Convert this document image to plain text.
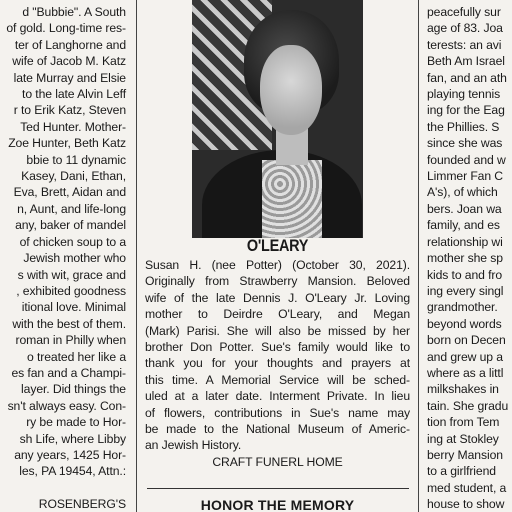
d "Bubbie". A South
of gold. Long-time res-
ter of Langhorne and
wife of Jacob M. Katz
late Murray and Elsie
to the late Alvin Leff
r to Erik Katz, Steven
Ted Hunter. Mother-
Zoe Hunter, Beth Katz
bbie to 11 dynamic
Kasey, Dani, Ethan,
Eva, Brett, Aidan and
n, Aunt, and life-long
any, baker of mandel
of chicken soup to a
Jewish mother who
s with wit, grace and
, exhibited goodness
itional love. Minimal
with the best of them.
roman in Philly when
o treated her like a
es fan and a Champi-
layer. Did things the
sn't always easy. Con-
ry be made to Hor-
sh Life, where Libby
any years, 1425 Hor-
les, PA 19454, Attn.:

ROSENBERG'S
O'LEARY
Susan H. (nee Potter) (October 30, 2021).
Originally from Strawberry Mansion. Beloved
wife of the late Dennis J. O'Leary Jr. Loving
mother to Deirdre O'Leary, and Megan
(Mark) Parisi. She will also be missed by her
brother Don Potter. Sue's family would like to
thank you for your thoughts and prayers at
this time. A Memorial Service will be sched-
uled at a later date. Interment Private. In lieu
of flowers, contributions in Sue's name may
be made to the National Museum of Americ-
an Jewish History.
CRAFT FUNERL HOME
HONOR THE MEMORY
peacefully sur
age of 83. Joa
terests: an avi
Beth Am Israel
fan, and an ath
playing tennis
ing for the Eag
the Phillies. S
since she was
founded and w
Limmer Fan C
A's), of which
bers. Joan wa
family, and es
relationship wi
mother she sp
kids to and fro
ing every singl
grandmother.
beyond words
born on Decen
and grew up a
where as a littl
milkshakes in
tain. She gradu
tion from Tem
ing at Stokley
berry Mansion
to a girlfriend
med student, a
house to show
